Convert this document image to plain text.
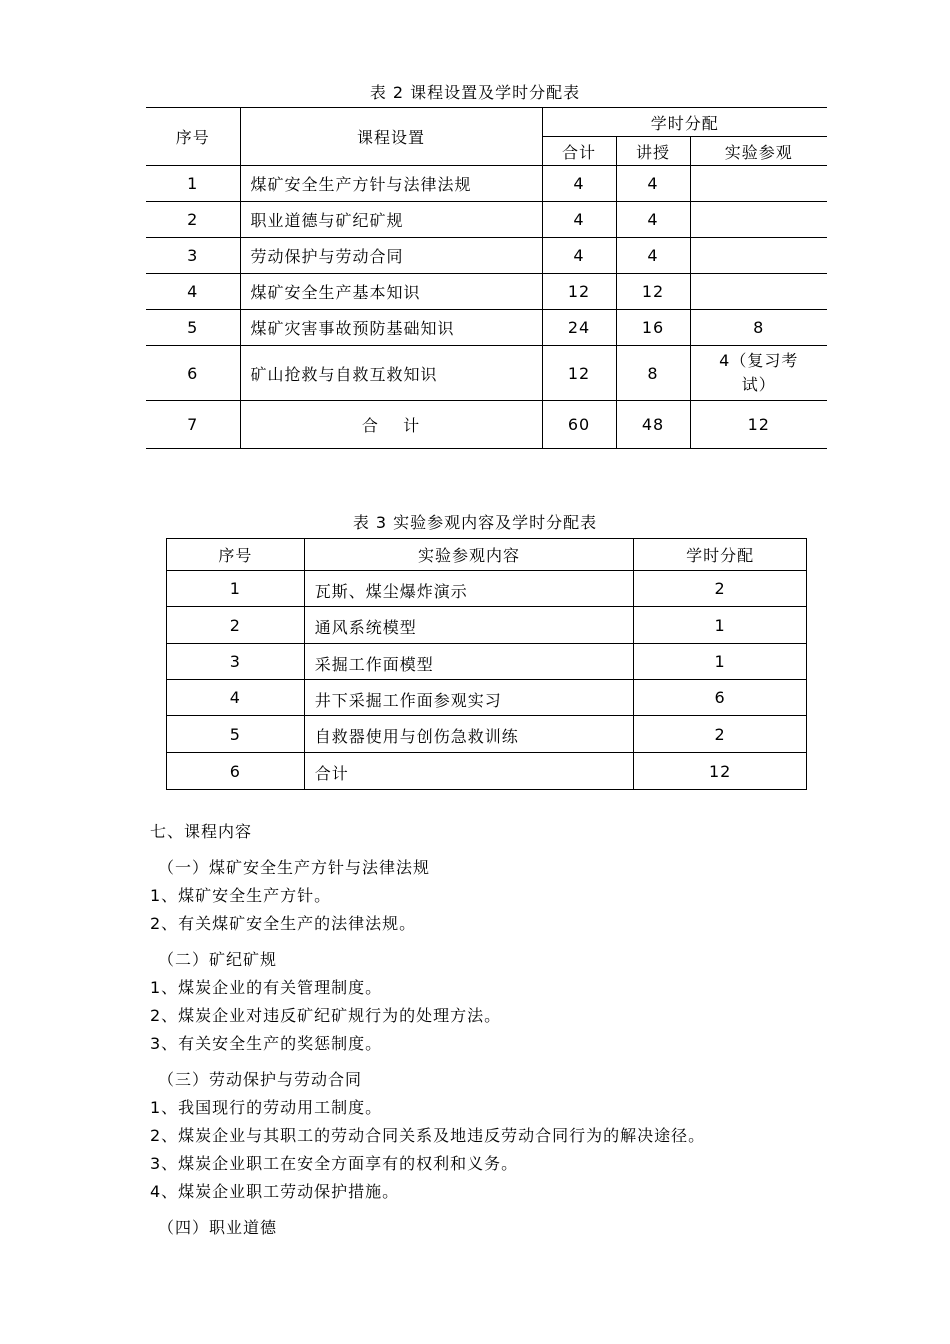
表 2 课程设置及学时分配表
序号	课程设置	学时分配		
		合计	讲授	实验参观
1	煤矿安全生产方针与法律法规	4	4	
2	职业道德与矿纪矿规	4	4	
3	劳动保护与劳动合同	4	4	
4	煤矿安全生产基本知识	12	12	
5	煤矿灾害事故预防基础知识	24	16	8
6	矿山抢救与自救互救知识	12	8	4（复习考试）
7	合    计	60	48	12
表 3 实验参观内容及学时分配表
序号	实验参观内容	学时分配
1	瓦斯、煤尘爆炸演示	2
2	通风系统模型	1
3	采掘工作面模型	1
4	井下采掘工作面参观实习	6
5	自救器使用与创伤急救训练	2
6	合计	12

七、课程内容

（一）煤矿安全生产方针与法律法规

1、煤矿安全生产方针。

2、有关煤矿安全生产的法律法规。

（二）矿纪矿规

1、煤炭企业的有关管理制度。

2、煤炭企业对违反矿纪矿规行为的处理方法。

3、有关安全生产的奖惩制度。

（三）劳动保护与劳动合同

1、我国现行的劳动用工制度。

2、煤炭企业与其职工的劳动合同关系及地违反劳动合同行为的解决途径。

3、煤炭企业职工在安全方面享有的权利和义务。

4、煤炭企业职工劳动保护措施。

（四）职业道德
